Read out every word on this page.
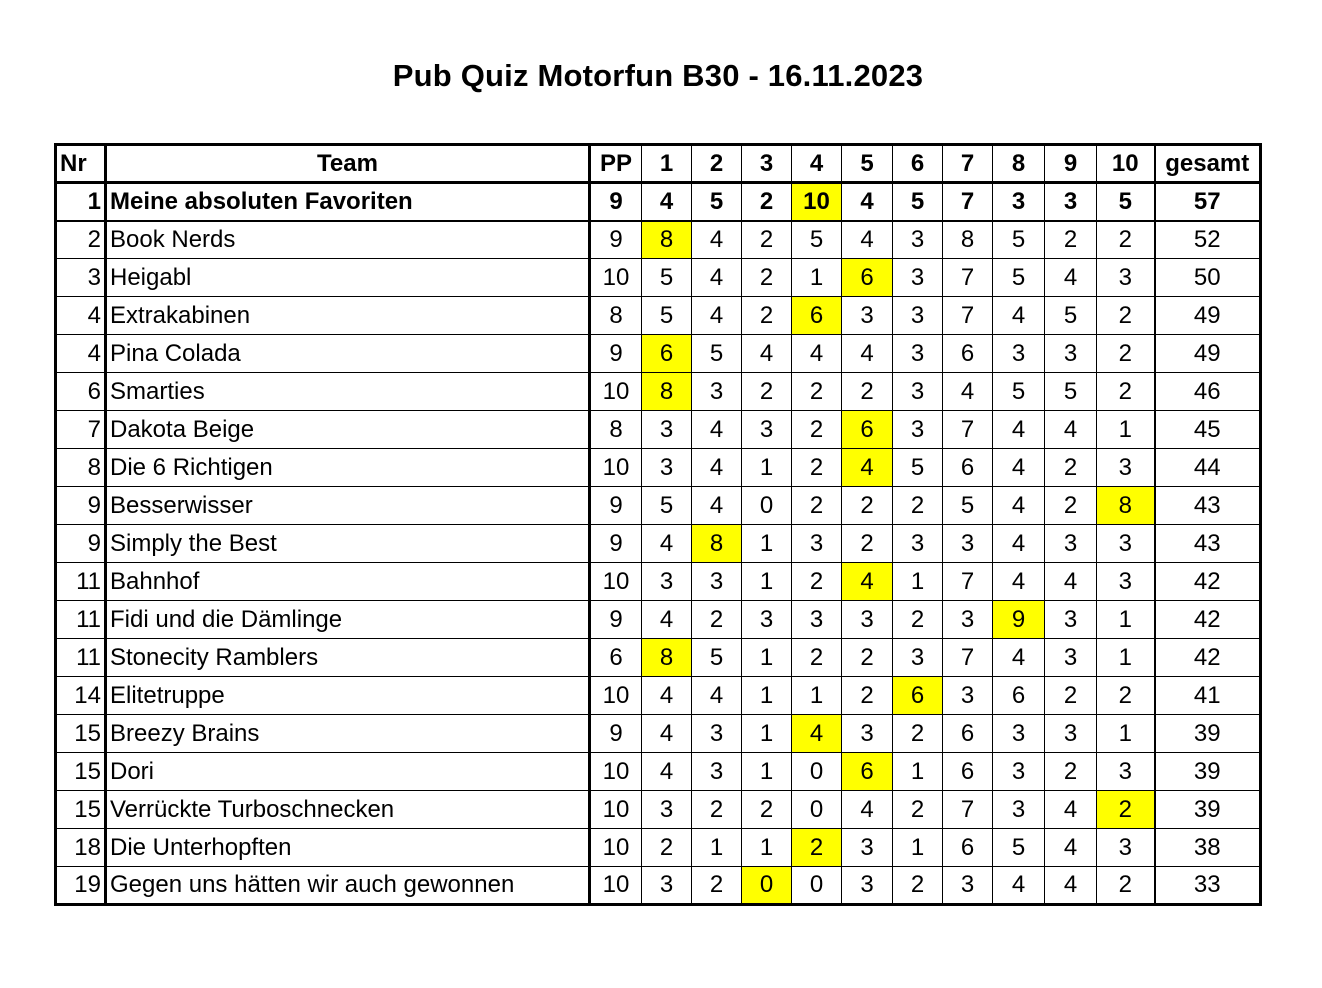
Pub Quiz Motorfun B30 - 16.11.2023
Nr	Team	PP	1	2	3	4	5	6	7	8	9	10	gesamt
1	Meine absoluten Favoriten	9	4	5	2	10	4	5	7	3	3	5	57
2	Book Nerds	9	8	4	2	5	4	3	8	5	2	2	52
3	Heigabl	10	5	4	2	1	6	3	7	5	4	3	50
4	Extrakabinen	8	5	4	2	6	3	3	7	4	5	2	49
4	Pina Colada	9	6	5	4	4	4	3	6	3	3	2	49
6	Smarties	10	8	3	2	2	2	3	4	5	5	2	46
7	Dakota Beige	8	3	4	3	2	6	3	7	4	4	1	45
8	Die 6 Richtigen	10	3	4	1	2	4	5	6	4	2	3	44
9	Besserwisser	9	5	4	0	2	2	2	5	4	2	8	43
9	Simply the Best	9	4	8	1	3	2	3	3	4	3	3	43
11	Bahnhof	10	3	3	1	2	4	1	7	4	4	3	42
11	Fidi und die Dämlinge	9	4	2	3	3	3	2	3	9	3	1	42
11	Stonecity Ramblers	6	8	5	1	2	2	3	7	4	3	1	42
14	Elitetruppe	10	4	4	1	1	2	6	3	6	2	2	41
15	Breezy Brains	9	4	3	1	4	3	2	6	3	3	1	39
15	Dori	10	4	3	1	0	6	1	6	3	2	3	39
15	Verrückte Turboschnecken	10	3	2	2	0	4	2	7	3	4	2	39
18	Die Unterhopften	10	2	1	1	2	3	1	6	5	4	3	38
19	Gegen uns hätten wir auch gewonnen	10	3	2	0	0	3	2	3	4	4	2	33
